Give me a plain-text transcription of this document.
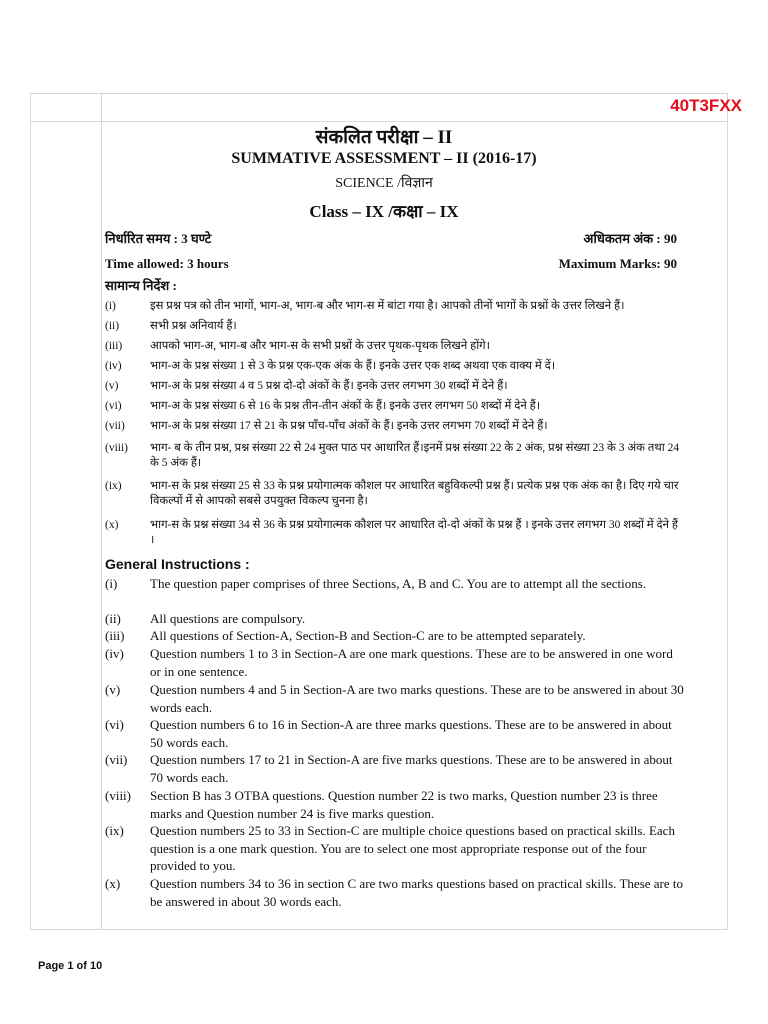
40T3FXX
संकलित परीक्षा – II
SUMMATIVE ASSESSMENT – II (2016-17)
SCIENCE /विज्ञान
Class – IX /कक्षा – IX
निर्धारित समय : 3 घण्टे	अधिकतम अंक : 90
Time allowed: 3 hours	Maximum Marks: 90
सामान्य निर्देश :
(i)	इस प्रश्न पत्र को तीन भागों, भाग-अ, भाग-ब और भाग-स में बांटा गया है। आपको तीनों भागों के प्रश्नों के उत्तर लिखने हैं।
(ii)	सभी प्रश्न अनिवार्य हैं।
(iii)	आपको भाग-अ, भाग-ब और भाग-स के सभी प्रश्नों के उत्तर पृथक-पृथक लिखने होंगे।
(iv)	भाग-अ के प्रश्न संख्या 1 से 3 के प्रश्न एक-एक अंक के हैं। इनके उत्तर एक शब्द अथवा एक वाक्य में दें।
(v)	भाग-अ के प्रश्न संख्या 4 व 5 प्रश्न दो-दो अंकों के हैं। इनके उत्तर लगभग 30 शब्दों में देने हैं।
(vi)	भाग-अ के प्रश्न संख्या 6 से 16 के प्रश्न तीन-तीन अंकों के हैं। इनके उत्तर लगभग 50 शब्दों में देने हैं।
(vii)	भाग-अ के प्रश्न संख्या 17 से 21 के प्रश्न पाँच-पाँच अंकों के हैं। इनके उत्तर लगभग 70 शब्दों में देने हैं।
(viii)	भाग- ब के तीन प्रश्न, प्रश्न संख्या 22 से 24 मुक्त पाठ पर आधारित हैं।इनमें प्रश्न संख्या 22 के 2 अंक, प्रश्न संख्या 23 के 3 अंक तथा 24 के 5 अंक हैं।
(ix)	भाग-स के प्रश्न संख्या 25 से 33 के प्रश्न प्रयोगात्मक कौशल पर आधारित बहुविकल्पी प्रश्न हैं। प्रत्येक प्रश्न एक अंक का है। दिए गये चार विकल्पों में से आपको सबसे उपयुक्त विकल्प चुनना है।
(x)	भाग-स के प्रश्न संख्या 34 से 36 के प्रश्न प्रयोगात्मक कौशल पर आधारित दो-दो अंकों के प्रश्न हैं । इनके उत्तर लगभग 30 शब्दों में देने हैं ।
General Instructions :
(i)	The question paper comprises of three Sections, A, B and C. You are to attempt all the sections.
(ii) All questions are compulsory.
(iii) All questions of Section-A, Section-B and Section-C are to be attempted separately.
(iv) Question numbers 1 to 3 in Section-A are one mark questions. These are to be answered in one word or in one sentence.
(v) Question numbers 4 and 5 in Section-A are two marks questions. These are to be answered in about 30 words each.
(vi) Question numbers 6 to 16 in Section-A are three marks questions. These are to be answered in about 50 words each.
(vii) Question numbers 17 to 21 in Section-A are five marks questions. These are to be answered in about 70 words each.
(viii) Section B has 3 OTBA questions. Question number 22 is two marks, Question number 23 is three marks and Question number 24 is five marks question.
(ix) Question numbers 25 to 33 in Section-C are multiple choice questions based on practical skills. Each question is a one mark question. You are to select one most appropriate response out of the four provided to you.
(x) Question numbers 34 to 36 in section C are two marks questions based on practical skills. These are to be answered in about 30 words each.
Page 1 of 10
